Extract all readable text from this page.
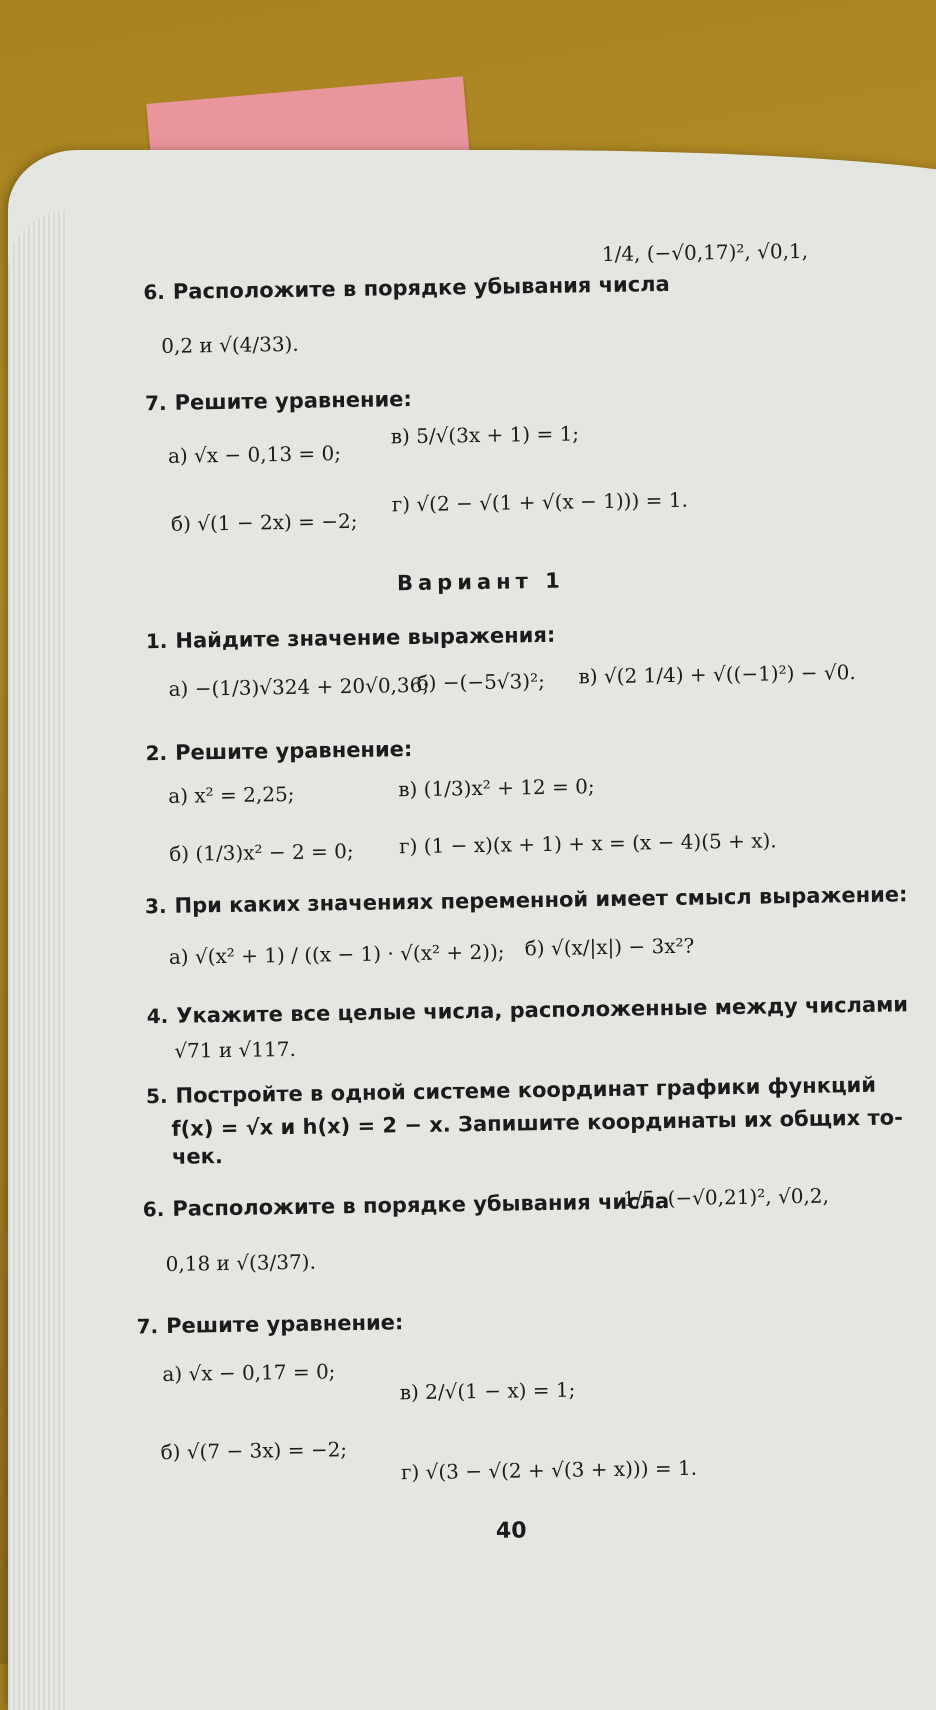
6. Расположите в порядке убывания числа
1/4, (−√0,17)², √0,1,
0,2 и √(4/33).
7. Решите уравнение:
а) √x − 0,13 = 0;
в) 5/√(3x + 1) = 1;
б) √(1 − 2x) = −2;
г) √(2 − √(1 + √(x − 1))) = 1.
Вариант 1
1. Найдите значение выражения:
а) −(1/3)√324 + 20√0,36;
б) −(−5√3)²; в) √(2 1/4) + √((−1)²) − √0.
2. Решите уравнение:
а) x² = 2,25;	в) (1/3)x² + 12 = 0;
б) (1/3)x² − 2 = 0; г) (1 − x)(x + 1) + x = (x − 4)(5 + x).
3. При каких значениях переменной имеет смысл выражение:
а) √(x² + 1) / ((x − 1) · √(x² + 2)); б) √(x/|x|) − 3x²?
4. Укажите все целые числа, расположенные между числами
√71 и √117.
5. Постройте в одной системе координат графики функций
f(x) = √x и h(x) = 2 − x. Запишите координаты их общих то-
чек.
6. Расположите в порядке убывания числа
1/5, (−√0,21)², √0,2,
0,18 и √(3/37).
7. Решите уравнение:
а) √x − 0,17 = 0;
в) 2/√(1 − x) = 1;
б) √(7 − 3x) = −2;
г) √(3 − √(2 + √(3 + x))) = 1.
40
